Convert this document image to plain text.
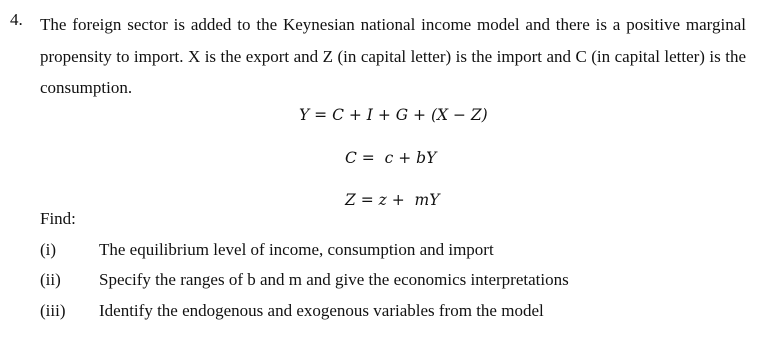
4. The foreign sector is added to the Keynesian national income model and there is a positive marginal propensity to import. X is the export and Z (in capital letter) is the import and C (in capital letter) is the consumption.

Y = C + I + G + (X − Z)
C =  c + bY
Z = z +  mY
Find:
(i)	The equilibrium level of income, consumption and import
(ii) Specify the ranges of b and m and give the economics interpretations
(iii) Identify the endogenous and exogenous variables from the model
